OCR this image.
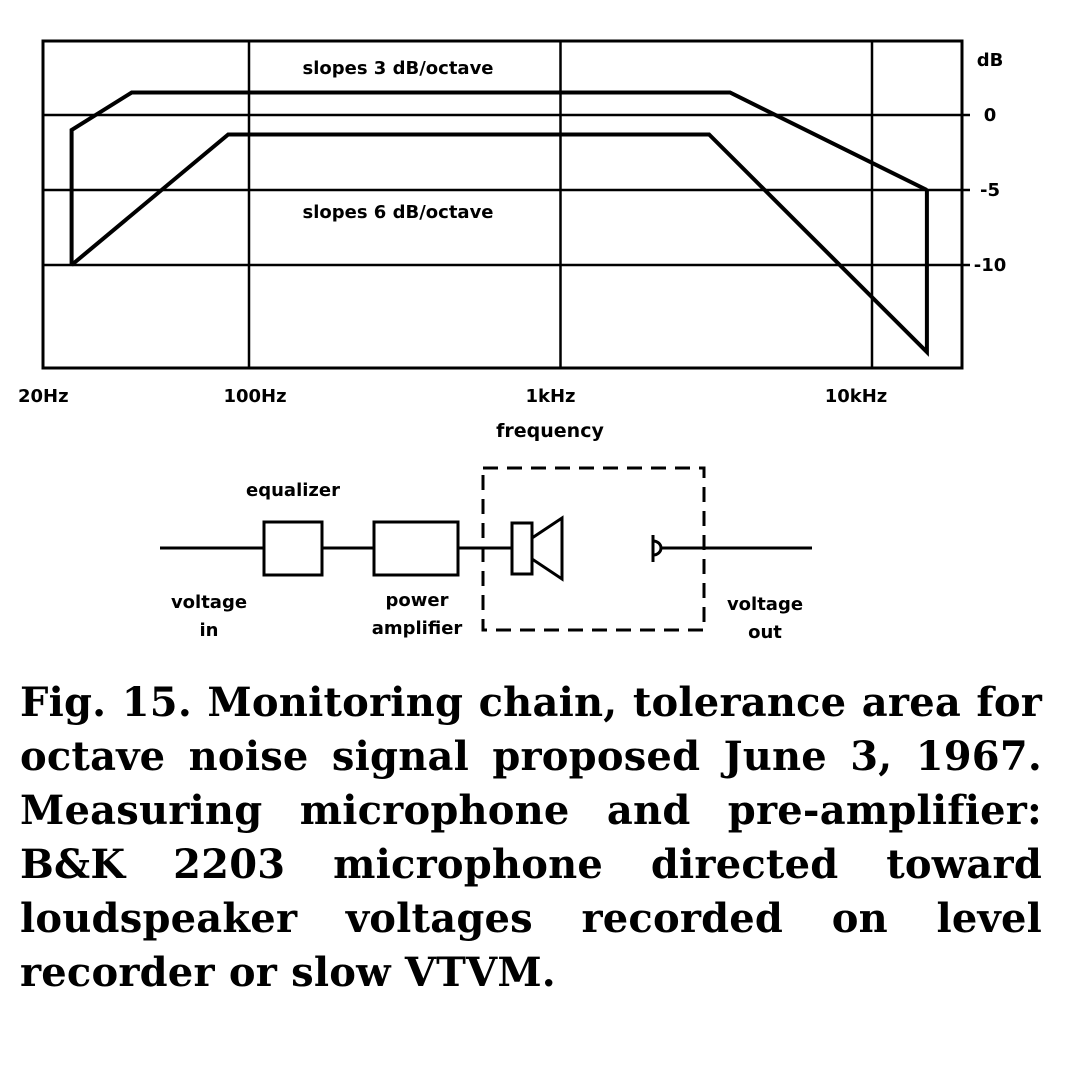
dB
0
-5
-10
20Hz	100Hz	1kHz	10kHz
frequency
slopes 3 dB/octave
slopes 6 dB/octave
equalizer
voltage
in
power
amplifier
voltage
out

Fig. 15. Monitoring chain, tolerance area for octave noise signal proposed June 3, 1967. Measuring microphone and pre-amplifier: B&K 2203 microphone directed toward loudspeaker voltages recorded on level recorder or slow VTVM.
